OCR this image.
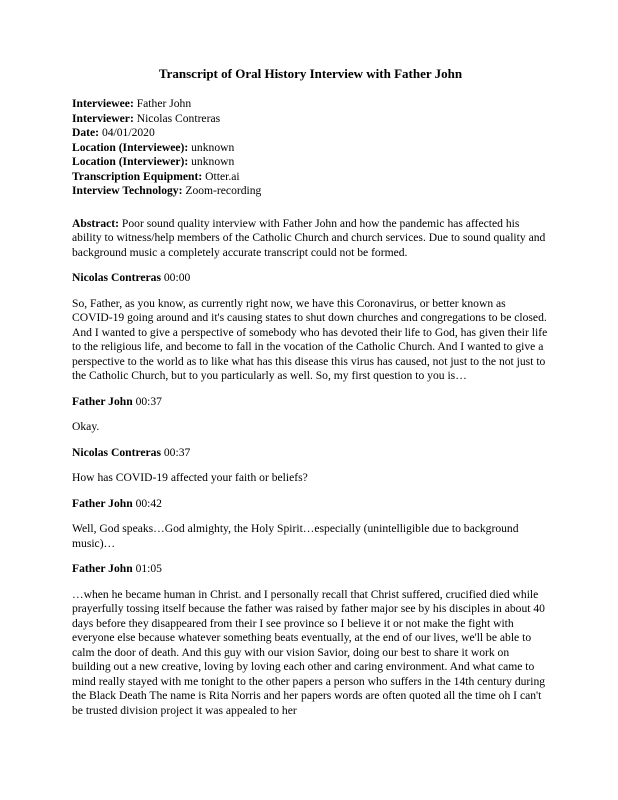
Transcript of Oral History Interview with Father John
Interviewee: Father John
Interviewer: Nicolas Contreras
Date: 04/01/2020
Location (Interviewee): unknown
Location (Interviewer): unknown
Transcription Equipment: Otter.ai
Interview Technology: Zoom-recording
Abstract: Poor sound quality interview with Father John and how the pandemic has affected his ability to witness/help members of the Catholic Church and church services. Due to sound quality and background music a completely accurate transcript could not be formed.
Nicolas Contreras 00:00
So, Father, as you know, as currently right now, we have this Coronavirus, or better known as COVID-19 going around and it's causing states to shut down churches and congregations to be closed. And I wanted to give a perspective of somebody who has devoted their life to God, has given their life to the religious life, and become to fall in the vocation of the Catholic Church. And I wanted to give a perspective to the world as to like what has this disease this virus has caused, not just to the not just to the Catholic Church, but to you particularly as well. So, my first question to you is…
Father John 00:37
Okay.
Nicolas Contreras 00:37
How has COVID-19 affected your faith or beliefs?
Father John 00:42
Well, God speaks…God almighty, the Holy Spirit…especially (unintelligible due to background music)…
Father John 01:05
…when he became human in Christ. and I personally recall that Christ suffered, crucified died while prayerfully tossing itself because the father was raised by father major see by his disciples in about 40 days before they disappeared from their I see province so I believe it or not make the fight with everyone else because whatever something beats eventually, at the end of our lives, we'll be able to calm the door of death. And this guy with our vision Savior, doing our best to share it work on building out a new creative, loving by loving each other and caring environment. And what came to mind really stayed with me tonight to the other papers a person who suffers in the 14th century during the Black Death The name is Rita Norris and her papers words are often quoted all the time oh I can't be trusted division project it was appealed to her
